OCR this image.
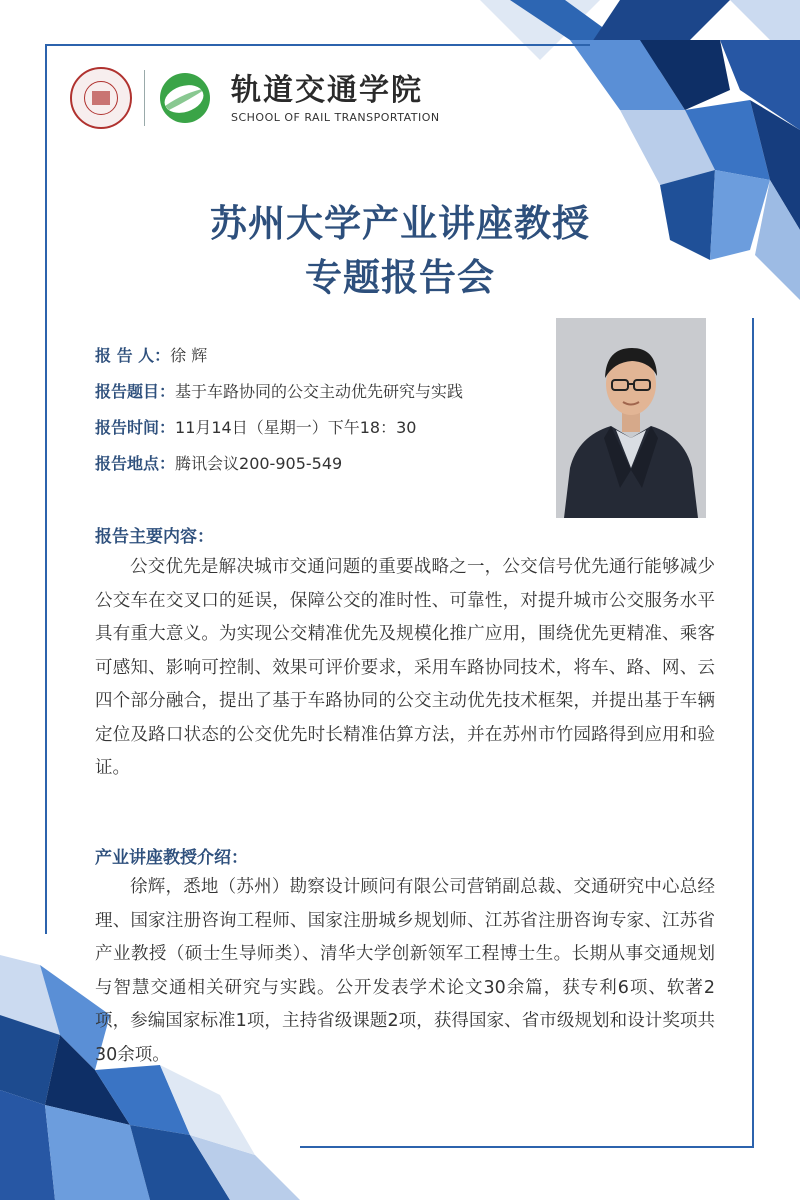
轨道交通学院
SCHOOL OF RAIL TRANSPORTATION
苏州大学产业讲座教授
专题报告会
报 告 人：徐 辉
报告题目：基于车路协同的公交主动优先研究与实践
报告时间：11月14日（星期一）下午18：30
报告地点：腾讯会议200-905-549
报告主要内容：
公交优先是解决城市交通问题的重要战略之一，公交信号优先通行能够减少公交车在交叉口的延误，保障公交的准时性、可靠性，对提升城市公交服务水平具有重大意义。为实现公交精准优先及规模化推广应用，围绕优先更精准、乘客可感知、影响可控制、效果可评价要求，采用车路协同技术，将车、路、网、云四个部分融合，提出了基于车路协同的公交主动优先技术框架，并提出基于车辆定位及路口状态的公交优先时长精准估算方法，并在苏州市竹园路得到应用和验证。
产业讲座教授介绍：
徐辉，悉地（苏州）勘察设计顾问有限公司营销副总裁、交通研究中心总经理、国家注册咨询工程师、国家注册城乡规划师、江苏省注册咨询专家、江苏省产业教授（硕士生导师类）、清华大学创新领军工程博士生。长期从事交通规划与智慧交通相关研究与实践。公开发表学术论文30余篇，获专利6项、软著2项，参编国家标准1项，主持省级课题2项，获得国家、省市级规划和设计奖项共30余项。
